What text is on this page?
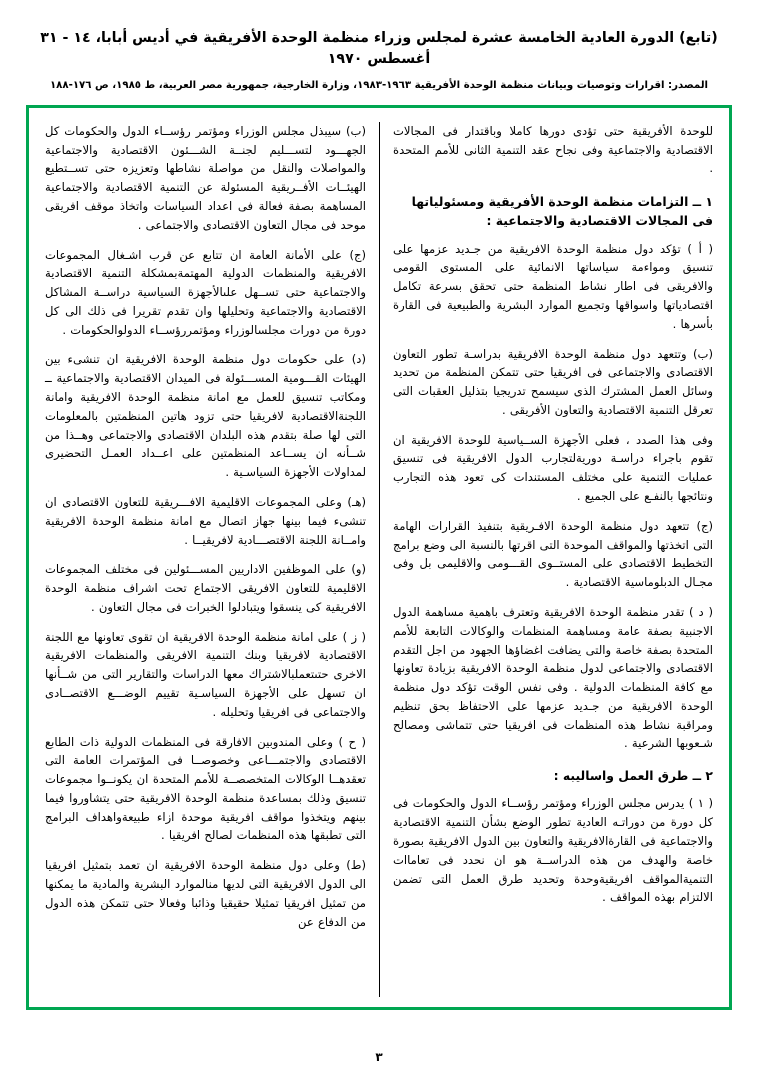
(تابع) الدورة العادية الخامسة عشرة لمجلس وزراء منظمة الوحدة الأفريقية في أديس أبابا، ١٤ - ٣١ أغسطس ١٩٧٠
المصدر: اقرارات وتوصيات وبيانات منظمة الوحدة الأفريقية ١٩٦٣-١٩٨٣، وزارة الخارجية، جمهورية مصر العربية، ط ١٩٨٥، ص ١٧٦-١٨٨

للوحدة الأفريقية حتى تؤدى دورها كاملا وباقتدار فى المجالات الاقتصادية والاجتماعية وفى نجاح عقد التنمية الثانى للأمم المتحدة .

١ ــ التزامات منظمة الوحدة الأفريقية ومسئولياتها فى المجالات الاقتصادية والاجتماعية :

( أ ) تؤكد دول منظمة الوحدة الافريقية من جـديد عزمها على تنسيق ومواءمة سياساتها الانمائية على المستوى القومى والافريقى فى اطار نشاط المنظمة حتى تحقق بسرعة تكامل اقتصادياتها واسواقها وتجميع الموارد البشرية والطبيعية فى القارة بأسرها .

(ب) وتتعهد دول منظمة الوحدة الافريقية بدراسـة تطور التعاون الاقتصادى والاجتماعى فى افريقيا حتى تتمكن المنظمة من تحديد وسائل العمل المشترك الذى سيسمح تدريجيا بتذليل العقبات التى تعرقل التنمية الاقتصادية والتعاون الأفريقى .

وفى هذا الصدد ، فعلى الأجهزة الســياسية للوحدة الافريقية ان تقوم باجراء دراسـة دوريةلتجارب الدول الافريقية فى تنسيق عمليات التنمية على مختلف المستندات كى تعود هذه التجارب ونتائجها بالنفـع على الجميع .

(ج) تتعهد دول منظمة الوحدة الافـريقية بتنفيذ القرارات الهامة التى اتخذتها والمواقف الموحدة التى اقرتها بالنسبة الى وضع برامج التخطيط الاقتصادى على المستــوى القـــومى والاقليمى بل وفى مجـال الدبلوماسية الاقتصادية .

( د ) تقدر منظمة الوحدة الافريقية وتعترف باهمية مساهمة الدول الاجنبية بصفة عامة ومساهمة المنظمات والوكالات التابعة للأمم المتحدة بصفة خاصة والتى يضافت اغضاؤها الجهود من اجل التقدم الاقتصادى والاجتماعى لدول منظمة الوحدة الافريقية بزيادة تعاونها مع كافة المنظمات الدولية . وفى نفس الوقت تؤكد دول منظمة الوحدة الافريقية من جـديد عزمها على الاحتفاظ بحق تنظيم ومراقبة نشاط هذه المنظمات فى افريقيا حتى تتماشى ومصالح شـعوبها الشرعية .

٢ ــ طرق العمل واساليبه :

( ١ ) يدرس مجلس الوزراء ومؤتمر رؤســاء الدول والحكومات فى كل دورة من دوراتـه العادية تطور الوضع بشأن التنمية الاقتصادية والاجتماعية فى القارةالافريقية والتعاون بين الدول الافريقية بصورة خاصة والهدف من هذه الدراســة هو ان نحدد فى تعاماات التنميةالمواقف افريقيةوحدة وتحديد طرق العمل التى تضمن الالتزام بهذه المواقف .

(ب) سيبذل مجلس الوزراء ومؤتمر رؤســاء الدول والحكومات كل الجهـــود لتســـليم لجنــة الشـــئون الاقتصادية والاجتماعية والمواصلات والنقل من مواصلة نشاطها وتعزيزه حتى تســتطيع الهيئــات الأفــريقية المسئولة عن التنمية الاقتصادية والاجتماعية المساهمة بصفة فعالة فى اعداد السياسات واتخاذ موقف افريقى موحد فى مجال التعاون الاقتصادى والاجتماعى .

(ج) على الأمانة العامة ان تتابع عن قرب اشـغال المجموعات الافريقية والمنظمات الدولية المهتمةبمشكلة التنمية الاقتصادية والاجتماعية حتى تســهل علىالأجهزة السياسية دراســة المشاكل الاقتصادية والاجتماعية وتحليلها وان تقدم تقريرا فى ذلك الى كل دورة من دورات مجلسالوزراء ومؤتمررؤســاء الدولوالحكومات .

(د) على حكومات دول منظمة الوحدة الافريقية ان تنشىء بين الهيئات القـــومية المســـئولة فى الميدان الاقتصادية والاجتماعية ــ ومكاتب تنسيق للعمل مع امانة منظمة الوحدة الافريقية وامانة اللجنةالاقتصادية لافريقيا حتى تزود هاتين المنظمتين بالمعلومات التى لها صلة بتقدم هذه البلدان الاقتصادى والاجتماعى وهــذا من شــأنه ان يســاعد المنظمتين على اعــداد العمـل التحضيرى لمداولات الأجهزة السياسـية .

(هـ) وعلى المجموعات الاقليمية الافـــريقية للتعاون الاقتصادى ان تنشىء فيما بينها جهاز اتصال مع امانة منظمة الوحدة الافريقية وامــانة اللجنة الاقتصـــادية لافريقيــا .

(و) على الموظفين الاداريين المســـئولين فى مختلف المجموعات الاقليمية للتعاون الافريقى الاجتماع تحت اشراف منظمة الوحدة الافريقية كى ينسقوا ويتبادلوا الخبرات فى مجال التعاون .

( ز ) على امانة منظمة الوحدة الافريقية ان تقوى تعاونها مع اللجنة الاقتصادية لافريقيا وبنك التنمية الافريقى والمنظمات الافريقية الاخرى حتىتعملبالاشتراك معها الدراسات والتقارير التى من شــأنها ان تسهل على الأجهزة السياسـية تقييم الوضـــع الاقتصــادى والاجتماعى فى افريقيا وتحليله .

( ح ) وعلى المندوبين الافارقة فى المنظمات الدولية ذات الطابع الاقتصادى والاجتمـــاعى وخصوصــا فى المؤتمرات العامة التى تعقدهــا الوكالات المتخصصــة للأمم المتحدة ان يكونــوا مجموعات تنسيق وذلك بمساعدة منظمة الوحدة الافريقية حتى يتشاوروا فيما بينهم ويتخذوا مواقف افريقية موحدة ازاء طبيعةواهداف البرامج التى تطبقها هذه المنظمات لصالح افريقيا .

(ط) وعلى دول منظمة الوحدة الافريقية ان تعمد بتمثيل افريقيا الى الدول الافريقية التى لديها منالموارد البشرية والمادية ما يمكنها من تمثيل افريقيا تمثيلا حقيقيا وذائبا وفعالا حتى تتمكن هذه الدول من الدفاع عن

٣
